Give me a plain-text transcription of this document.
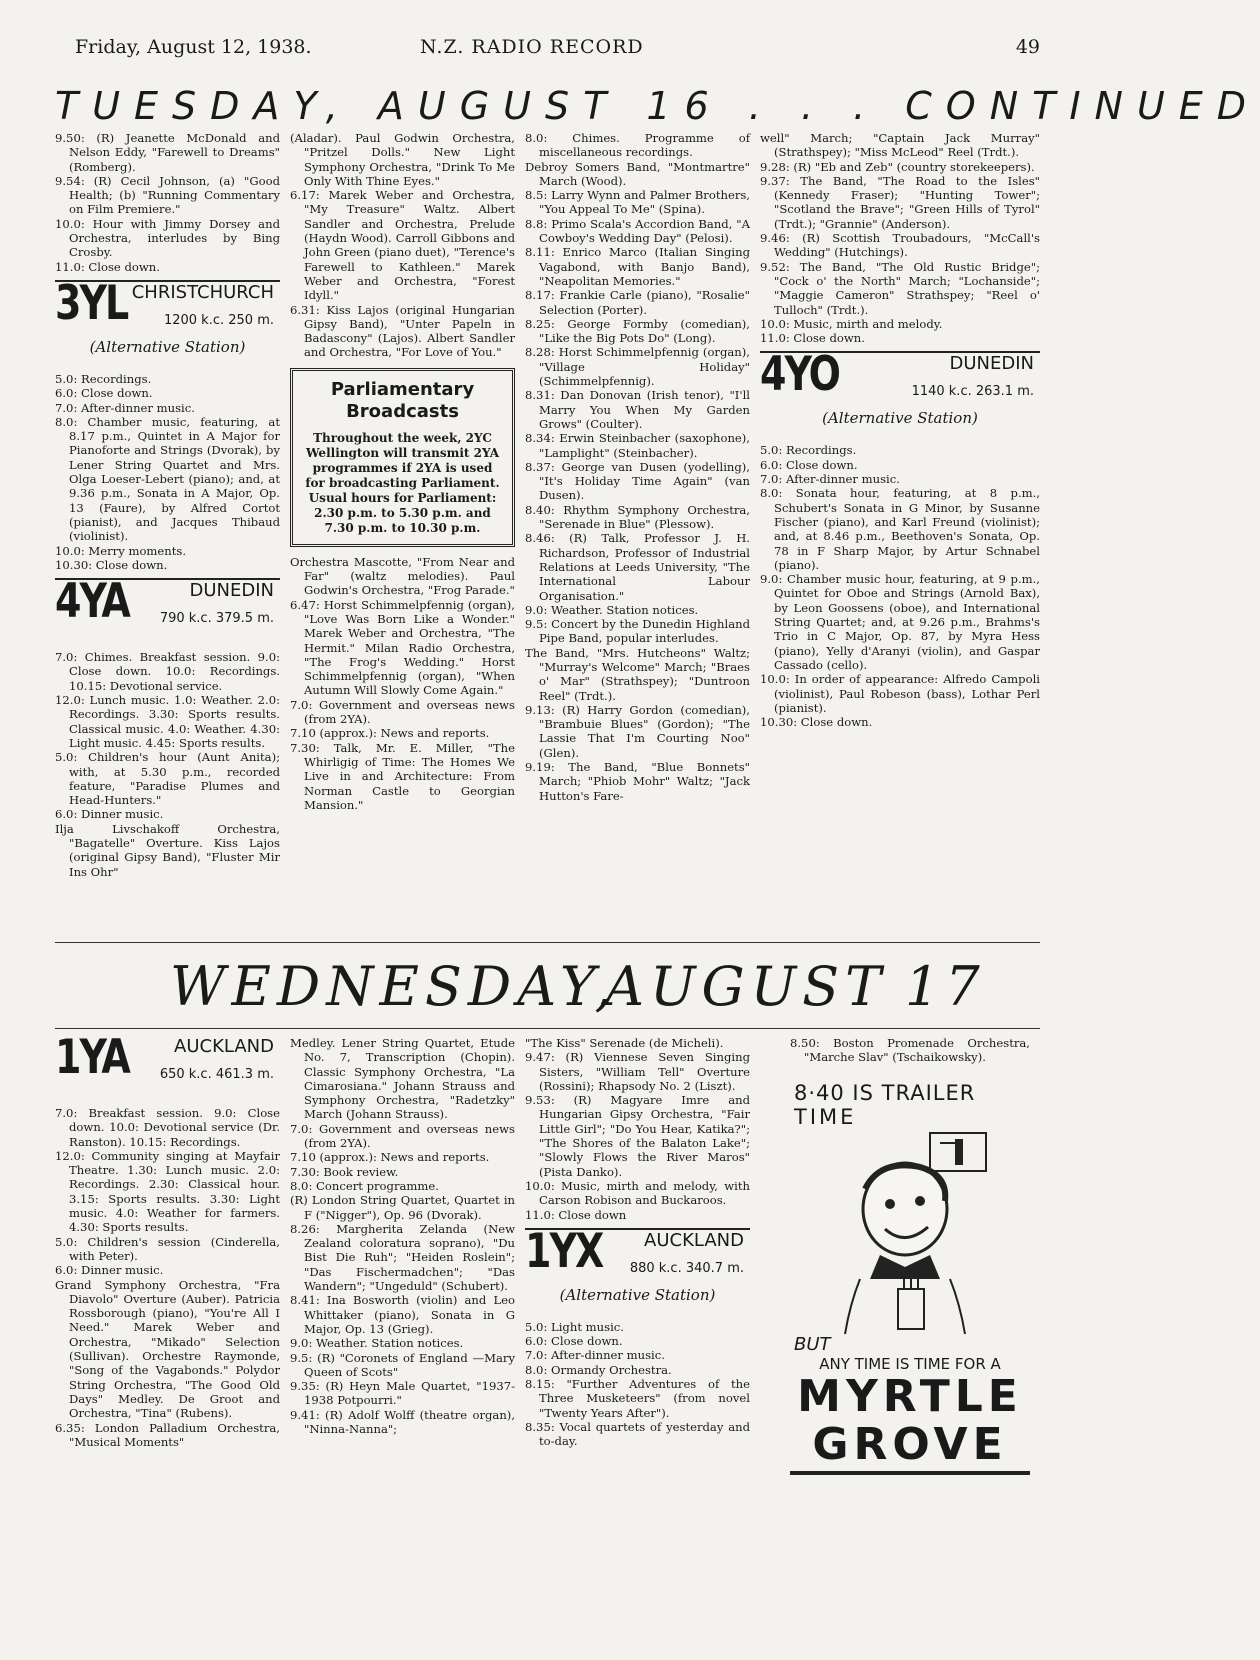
Friday, August 12, 1938.	N.Z. RADIO RECORD	49
TUESDAY, AUGUST 16 . . . CONTINUED

9.50: (R) Jeanette McDonald and Nelson Eddy, "Farewell to Dreams" (Romberg).

9.54: (R) Cecil Johnson, (a) "Good Health; (b) "Running Commentary on Film Premiere."

10.0: Hour with Jimmy Dorsey and Orchestra, interludes by Bing Crosby.

11.0: Close down.

3YL CHRISTCHURCH
1200 k.c. 250 m.
(Alternative Station)

5.0: Recordings.

6.0: Close down.

7.0: After-dinner music.

8.0: Chamber music, featuring, at 8.17 p.m., Quintet in A Major for Pianoforte and Strings (Dvorak), by Lener String Quartet and Mrs. Olga Loeser-Lebert (piano); and, at 9.36 p.m., Sonata in A Major, Op. 13 (Faure), by Alfred Cortot (pianist), and Jacques Thibaud (violinist).

10.0: Merry moments.

10.30: Close down.

4YA	DUNEDIN
790 k.c. 379.5 m.

7.0: Chimes. Breakfast session. 9.0: Close down. 10.0: Recordings. 10.15: Devotional service.

12.0: Lunch music. 1.0: Weather. 2.0: Recordings. 3.30: Sports results. Classical music. 4.0: Weather. 4.30: Light music. 4.45: Sports results.

5.0: Children's hour (Aunt Anita); with, at 5.30 p.m., recorded feature, "Paradise Plumes and Head-Hunters."

6.0: Dinner music.

Ilja Livschakoff Orchestra, "Bagatelle" Overture. Kiss Lajos (original Gipsy Band), "Fluster Mir Ins Ohr"

(Aladar). Paul Godwin Orchestra, "Pritzel Dolls." New Light Symphony Orchestra, "Drink To Me Only With Thine Eyes."

6.17: Marek Weber and Orchestra, "My Treasure" Waltz. Albert Sandler and Orchestra, Prelude (Haydn Wood). Carroll Gibbons and John Green (piano duet), "Terence's Farewell to Kathleen." Marek Weber and Orchestra, "Forest Idyll."

6.31: Kiss Lajos (original Hungarian Gipsy Band), "Unter Papeln in Badascony" (Lajos). Albert Sandler and Orchestra, "For Love of You."

Parliamentary Broadcasts
Throughout the week, 2YC Wellington will transmit 2YA programmes if 2YA is used for broadcasting Parliament. Usual hours for Parliament: 2.30 p.m. to 5.30 p.m. and 7.30 p.m. to 10.30 p.m.

Orchestra Mascotte, "From Near and Far" (waltz melodies). Paul Godwin's Orchestra, "Frog Parade."

6.47: Horst Schimmelpfennig (organ), "Love Was Born Like a Wonder." Marek Weber and Orchestra, "The Hermit." Milan Radio Orchestra, "The Frog's Wedding." Horst Schimmelpfennig (organ), "When Autumn Will Slowly Come Again."

7.0: Government and overseas news (from 2YA).

7.10 (approx.): News and reports.

7.30: Talk, Mr. E. Miller, "The Whirligig of Time: The Homes We Live in and Architecture: From Norman Castle to Georgian Mansion."

8.0: Chimes. Programme of miscellaneous recordings.

Debroy Somers Band, "Montmartre" March (Wood).

8.5: Larry Wynn and Palmer Brothers, "You Appeal To Me" (Spina).

8.8: Primo Scala's Accordion Band, "A Cowboy's Wedding Day" (Pelosi).

8.11: Enrico Marco (Italian Singing Vagabond, with Banjo Band), "Neapolitan Memories."

8.17: Frankie Carle (piano), "Rosalie" Selection (Porter).

8.25: George Formby (comedian), "Like the Big Pots Do" (Long).

8.28: Horst Schimmelpfennig (organ), "Village Holiday" (Schimmelpfennig).

8.31: Dan Donovan (Irish tenor), "I'll Marry You When My Garden Grows" (Coulter).

8.34: Erwin Steinbacher (saxophone), "Lamplight" (Steinbacher).

8.37: George van Dusen (yodelling), "It's Holiday Time Again" (van Dusen).

8.40: Rhythm Symphony Orchestra, "Serenade in Blue" (Plessow).

8.46: (R) Talk, Professor J. H. Richardson, Professor of Industrial Relations at Leeds University, "The International Labour Organisation."

9.0: Weather. Station notices.

9.5: Concert by the Dunedin Highland Pipe Band, popular interludes.

The Band, "Mrs. Hutcheons" Waltz; "Murray's Welcome" March; "Braes o' Mar" (Strathspey); "Duntroon Reel" (Trdt.).

9.13: (R) Harry Gordon (comedian), "Brambuie Blues" (Gordon); "The Lassie That I'm Courting Noo" (Glen).

9.19: The Band, "Blue Bonnets" March; "Phiob Mohr" Waltz; "Jack Hutton's Fare-

well" March; "Captain Jack Murray" (Strathspey); "Miss McLeod" Reel (Trdt.).

9.28: (R) "Eb and Zeb" (country storekeepers).

9.37: The Band, "The Road to the Isles" (Kennedy Fraser); "Hunting Tower"; "Scotland the Brave"; "Green Hills of Tyrol" (Trdt.); "Grannie" (Anderson).

9.46: (R) Scottish Troubadours, "McCall's Wedding" (Hutchings).

9.52: The Band, "The Old Rustic Bridge"; "Cock o' the North" March; "Lochanside"; "Maggie Cameron" Strathspey; "Reel o' Tulloch" (Trdt.).

10.0: Music, mirth and melody.

11.0: Close down.

4YO	DUNEDIN
1140 k.c. 263.1 m.
(Alternative Station)

5.0: Recordings.

6.0: Close down.

7.0: After-dinner music.

8.0: Sonata hour, featuring, at 8 p.m., Schubert's Sonata in G Minor, by Susanne Fischer (piano), and Karl Freund (violinist); and, at 8.46 p.m., Beethoven's Sonata, Op. 78 in F Sharp Major, by Artur Schnabel (piano).

9.0: Chamber music hour, featuring, at 9 p.m., Quintet for Oboe and Strings (Arnold Bax), by Leon Goossens (oboe), and International String Quartet; and, at 9.26 p.m., Brahms's Trio in C Major, Op. 87, by Myra Hess (piano), Yelly d'Aranyi (violin), and Gaspar Cassado (cello).

10.0: In order of appearance: Alfredo Campoli (violinist), Paul Robeson (bass), Lothar Perl (pianist).

10.30: Close down.

WEDNESDAY,
AUGUST 17
1YA	AUCKLAND
650 k.c. 461.3 m.

7.0: Breakfast session. 9.0: Close down. 10.0: Devotional service (Dr. Ranston). 10.15: Recordings.

12.0: Community singing at Mayfair Theatre. 1.30: Lunch music. 2.0: Recordings. 2.30: Classical hour. 3.15: Sports results. 3.30: Light music. 4.0: Weather for farmers. 4.30: Sports results.

5.0: Children's session (Cinderella, with Peter).

6.0: Dinner music.

Grand Symphony Orchestra, "Fra Diavolo" Overture (Auber). Patricia Rossborough (piano), "You're All I Need." Marek Weber and Orchestra, "Mikado" Selection (Sullivan). Orchestre Raymonde, "Song of the Vagabonds." Polydor String Orchestra, "The Good Old Days" Medley. De Groot and Orchestra, "Tina" (Rubens).

6.35: London Palladium Orchestra, "Musical Moments"

Medley. Lener String Quartet, Etude No. 7, Transcription (Chopin). Classic Symphony Orchestra, "La Cimarosiana." Johann Strauss and Symphony Orchestra, "Radetzky" March (Johann Strauss).

7.0: Government and overseas news (from 2YA).

7.10 (approx.): News and reports.

7.30: Book review.

8.0: Concert programme.

(R) London String Quartet, Quartet in F ("Nigger"), Op. 96 (Dvorak).

8.26: Margherita Zelanda (New Zealand coloratura soprano), "Du Bist Die Ruh"; "Heiden Roslein"; "Das Fischermadchen"; "Das Wandern"; "Ungeduld" (Schubert).

8.41: Ina Bosworth (violin) and Leo Whittaker (piano), Sonata in G Major, Op. 13 (Grieg).

9.0: Weather. Station notices.

9.5: (R) "Coronets of England —Mary Queen of Scots"

9.35: (R) Heyn Male Quartet, "1937-1938 Potpourri."

9.41: (R) Adolf Wolff (theatre organ), "Ninna-Nanna";

"The Kiss" Serenade (de Micheli).

9.47: (R) Viennese Seven Singing Sisters, "William Tell" Overture (Rossini); Rhapsody No. 2 (Liszt).

9.53: (R) Magyare Imre and Hungarian Gipsy Orchestra, "Fair Little Girl"; "Do You Hear, Katika?"; "The Shores of the Balaton Lake"; "Slowly Flows the River Maros" (Pista Danko).

10.0: Music, mirth and melody, with Carson Robison and Buckaroos.

11.0: Close down

1YX AUCKLAND
880 k.c. 340.7 m.
(Alternative Station)

5.0: Light music.

6.0: Close down.

7.0: After-dinner music.

8.0: Ormandy Orchestra.

8.15: "Further Adventures of the Three Musketeers" (from novel "Twenty Years After").

8.35: Vocal quartets of yesterday and to-day.

8.50: Boston Promenade Orchestra, "Marche Slav" (Tschaikowsky).

8·40 IS TRAILER
TIME
BUT
ANY TIME IS TIME FOR A
MYRTLE
GROVE
